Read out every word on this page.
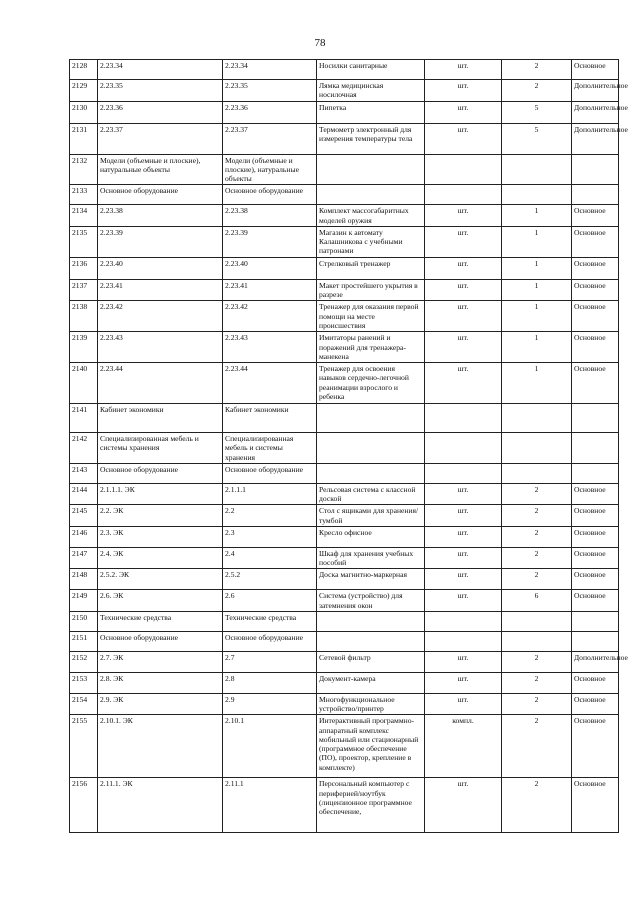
78
2128	2.23.34	2.23.34	Носилки санитарные	шт.	2	Основное
2129	2.23.35	2.23.35	Лямка медицинская носилочная	шт.	2	Дополнительное
2130	2.23.36	2.23.36	Пипетка	шт.	5	Дополнительное
2131	2.23.37	2.23.37	Термометр электронный для измерения температуры тела	шт.	5	Дополнительное
2132	Модели (объемные и плоские), натуральные объекты	Модели (объемные и плоские), натуральные объекты				
2133	Основное оборудование	Основное оборудование				
2134	2.23.38	2.23.38	Комплект массогабаритных моделей оружия	шт.	1	Основное
2135	2.23.39	2.23.39	Магазин к автомату Калашникова с учебными патронами	шт.	1	Основное
2136	2.23.40	2.23.40	Стрелковый тренажер	шт.	1	Основное
2137	2.23.41	2.23.41	Макет простейшего укрытия в разрезе	шт.	1	Основное
2138	2.23.42	2.23.42	Тренажер для оказания первой помощи на месте происшествия	шт.	1	Основное
2139	2.23.43	2.23.43	Имитаторы ранений и поражений для тренажера-манекена	шт.	1	Основное
2140	2.23.44	2.23.44	Тренажер для освоения навыков сердечно-легочной реанимации взрослого и ребенка	шт.	1	Основное
2141	Кабинет экономики	Кабинет экономики				
2142	Специализированная мебель и системы хранения	Специализированная мебель и системы хранения				
2143	Основное оборудование	Основное оборудование				
2144	2.1.1.1. ЭК	2.1.1.1	Рельсовая система с классной доской	шт.	2	Основное
2145	2.2. ЭК	2.2	Стол с ящиками для хранения/тумбой	шт.	2	Основное
2146	2.3. ЭК	2.3	Кресло офисное	шт.	2	Основное
2147	2.4. ЭК	2.4	Шкаф для хранения учебных пособий	шт.	2	Основное
2148	2.5.2. ЭК	2.5.2	Доска магнитно-маркерная	шт.	2	Основное
2149	2.6. ЭК	2.6	Система (устройство) для затемнения окон	шт.	6	Основное
2150	Технические средства	Технические средства				
2151	Основное оборудование	Основное оборудование				
2152	2.7. ЭК	2.7	Сетевой фильтр	шт.	2	Дополнительное
2153	2.8. ЭК	2.8	Документ-камера	шт.	2	Основное
2154	2.9. ЭК	2.9	Многофункциональное устройство/принтер	шт.	2	Основное
2155	2.10.1. ЭК	2.10.1	Интерактивный программно-аппаратный комплекс мобильный или стационарный (программное обеспечение (ПО), проектор, крепление в комплекте)	компл.	2	Основное
2156	2.11.1. ЭК	2.11.1	Персональный компьютер с периферией/ноутбук (лицензионное программное обеспечение,	шт.	2	Основное
